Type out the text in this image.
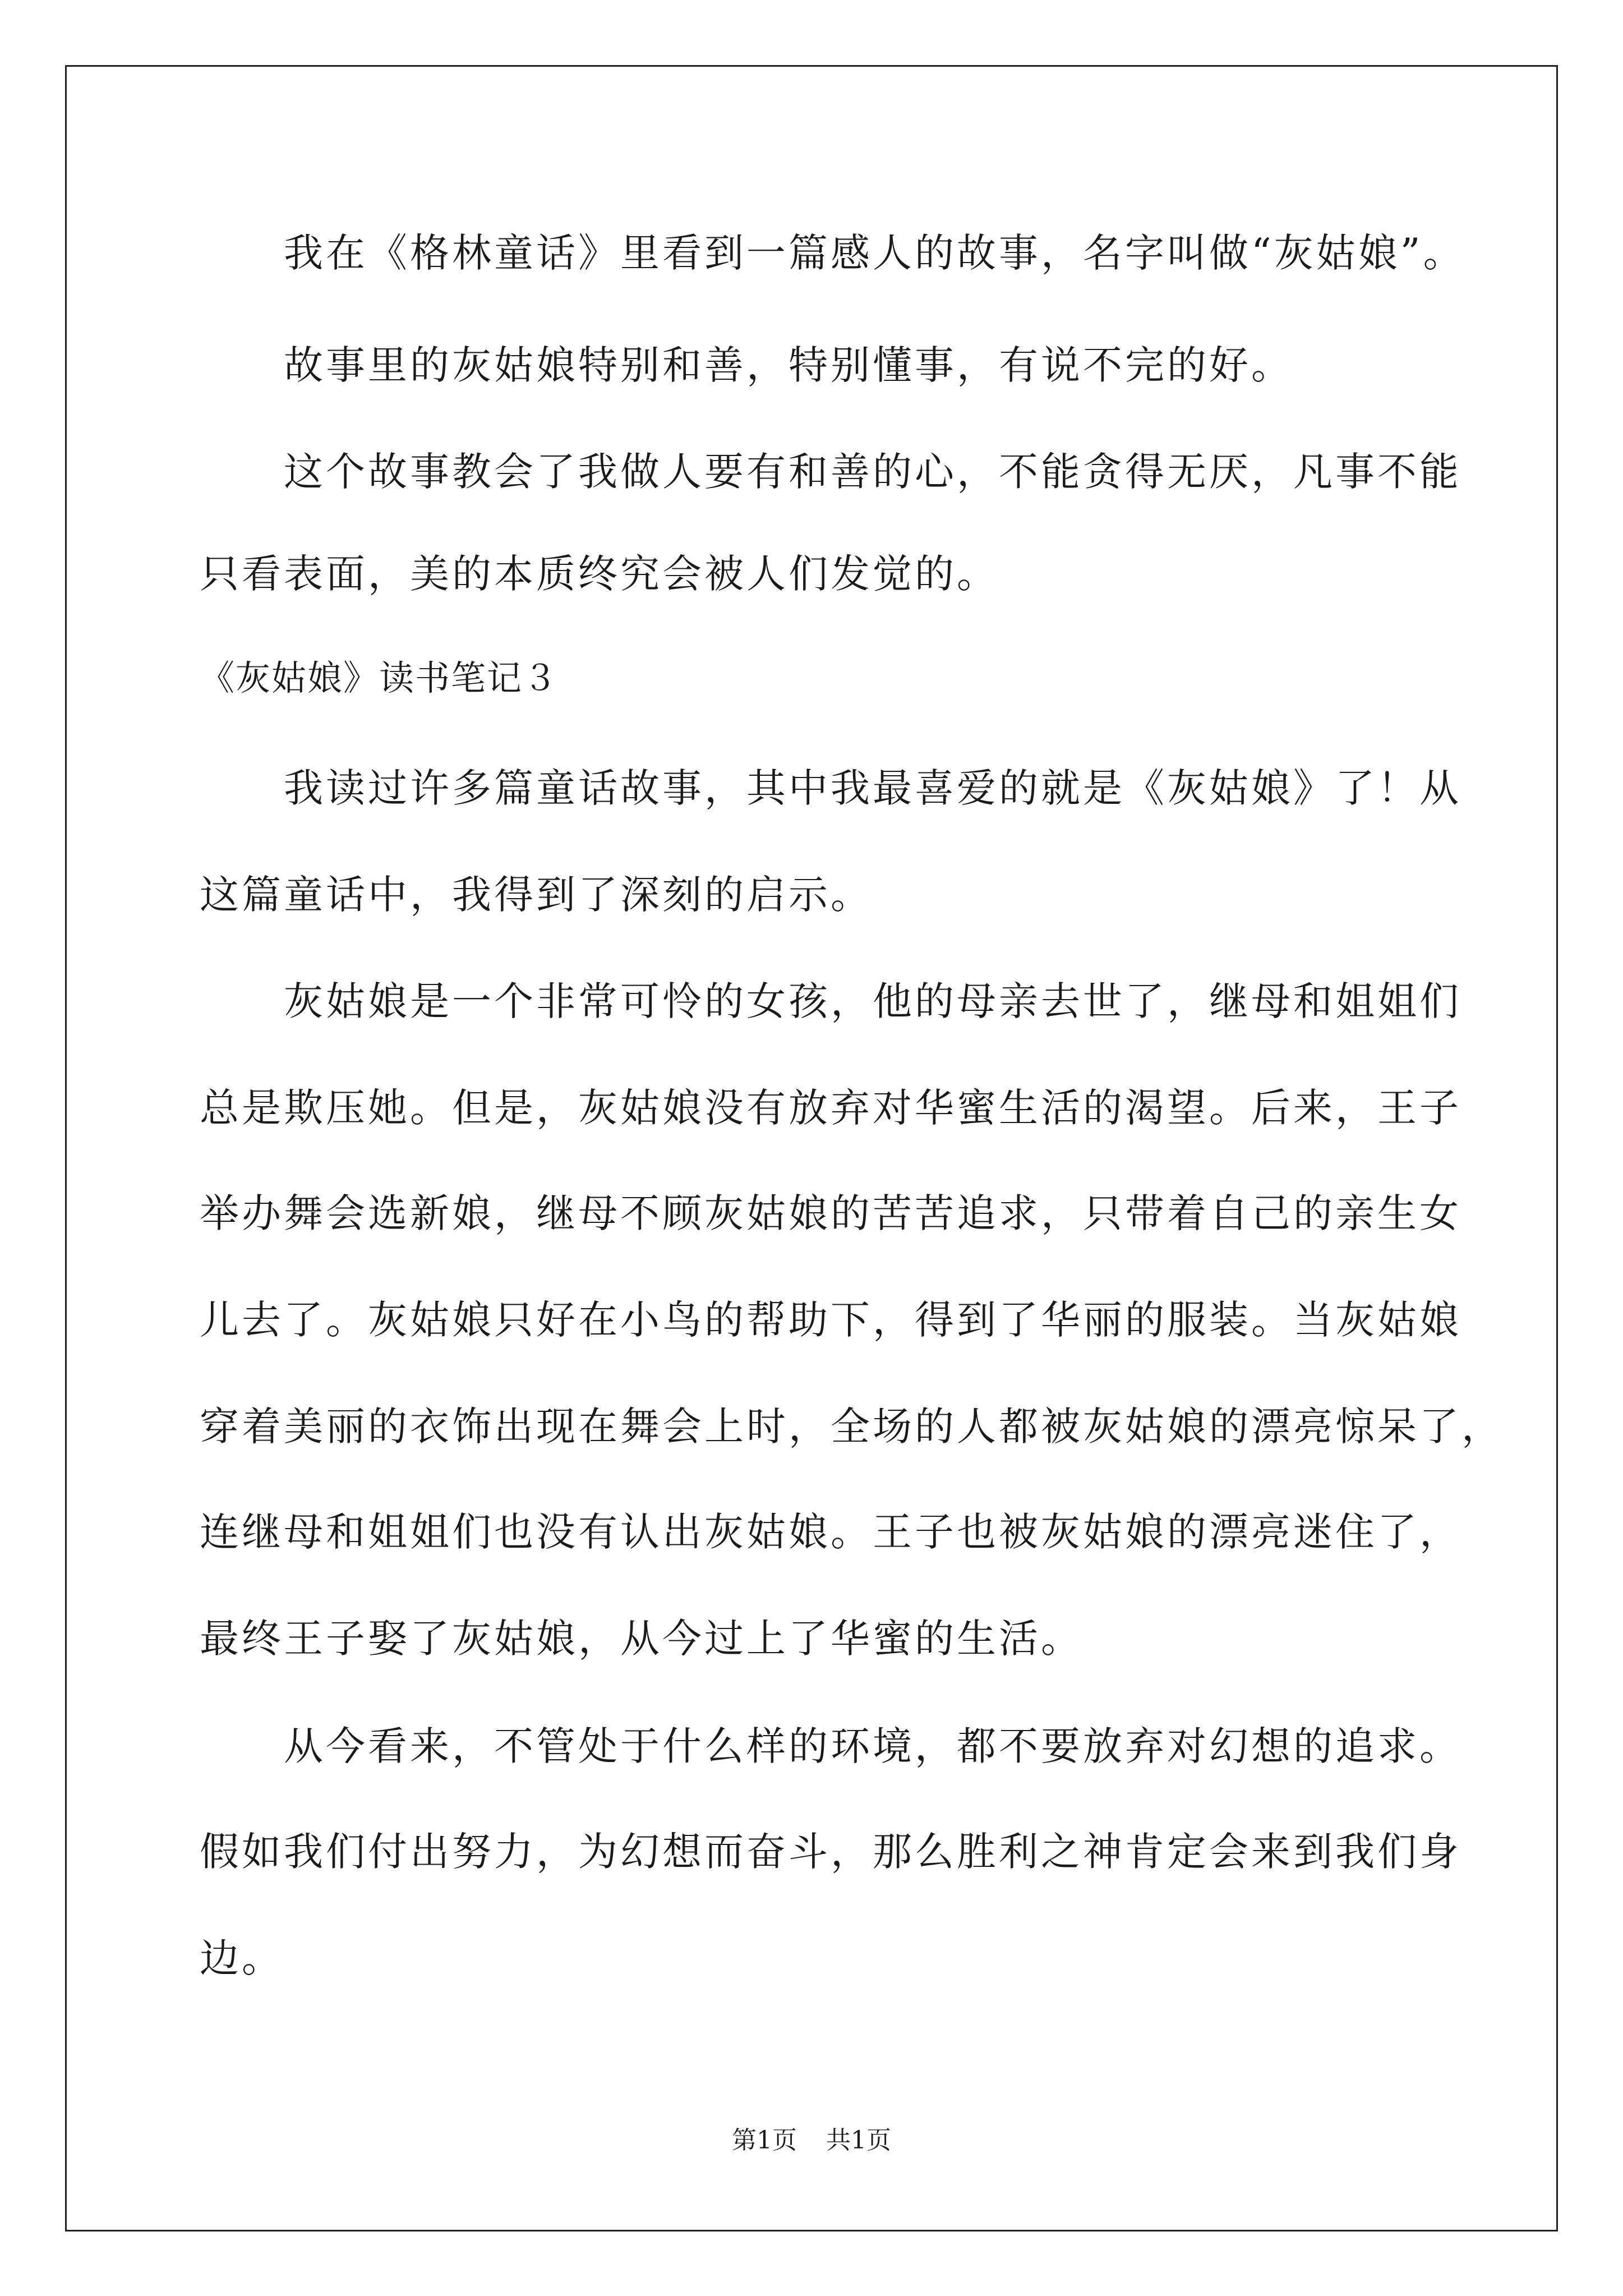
我在《格林童话》里看到一篇感人的故事，名字叫做“灰姑娘”。
故事里的灰姑娘特别和善，特别懂事，有说不完的好。
这个故事教会了我做人要有和善的心，不能贪得无厌，凡事不能
只看表面，美的本质终究会被人们发觉的。
《灰姑娘》读书笔记３
我读过许多篇童话故事，其中我最喜爱的就是《灰姑娘》了！从
这篇童话中，我得到了深刻的启示。
灰姑娘是一个非常可怜的女孩，他的母亲去世了，继母和姐姐们
总是欺压她。但是，灰姑娘没有放弃对华蜜生活的渴望。后来，王子
举办舞会选新娘，继母不顾灰姑娘的苦苦追求，只带着自己的亲生女
儿去了。灰姑娘只好在小鸟的帮助下，得到了华丽的服装。当灰姑娘
穿着美丽的衣饰出现在舞会上时，全场的人都被灰姑娘的漂亮惊呆了，
连继母和姐姐们也没有认出灰姑娘。王子也被灰姑娘的漂亮迷住了，
最终王子娶了灰姑娘，从今过上了华蜜的生活。
从今看来，不管处于什么样的环境，都不要放弃对幻想的追求。
假如我们付出努力，为幻想而奋斗，那么胜利之神肯定会来到我们身
边。
第1页 共1页
